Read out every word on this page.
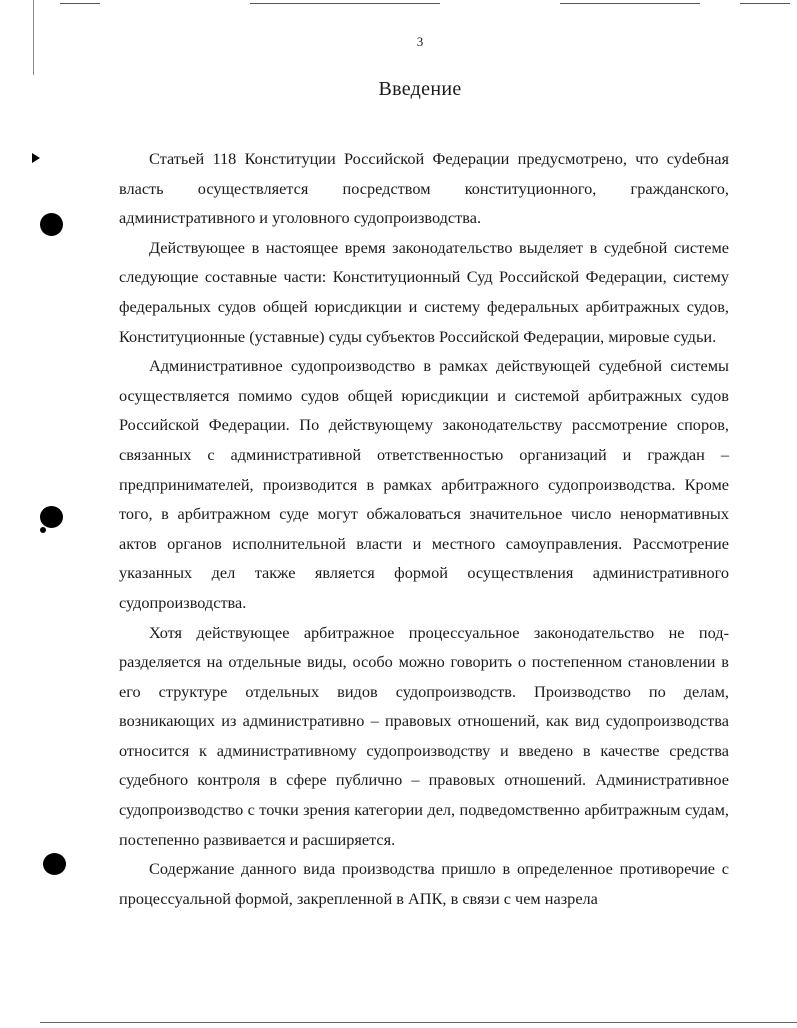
3
Введение

Статьей 118 Конституции Российской Федерации предусмотрено, что суdебная власть осуществляется посредством конституционного, гражданского, административного и уголовного судопроизводства.

Действующее в настоящее время законодательство выделяет в судебной системе следующие составные части: Конституционный Суд Российской Федерации, систему федеральных судов общей юрисдикции и систему федеральных арбитражных судов, Конституционные (уставные) суды субъектов Российской Федерации, мировые судьи.

Административное судопроизводство в рамках действующей судебной системы осуществляется помимо судов общей юрисдикции и системой арбитражных судов Российской Федерации. По действующему законодательству рассмотрение споров, связанных с административной ответственностью организаций и граждан – предпринимателей, производится в рамках арбитражного судопроизводства. Кроме того, в арбитражном суде могут обжаловаться значительное число ненормативных актов органов исполнительной власти и местного самоуправления. Рассмотрение указанных дел также является формой осуществления административного судопроизводства.

Хотя действующее арбитражное процессуальное законодательство не подразделяется на отдельные виды, особо можно говорить о постепенном становлении в его структуре отдельных видов судопроизводств. Производство по делам, возникающих из административно – правовых отношений, как вид судопроизводства относится к административному судопроизводству и введено в качестве средства судебного контроля в сфере публично – правовых отношений. Административное судопроизводство с точки зрения категории дел, подведомственно арбитражным судам, постепенно развивается и расширяется.

Содержание данного вида производства пришло в определенное противоречие с процессуальной формой, закрепленной в АПК, в связи с чем назрела
